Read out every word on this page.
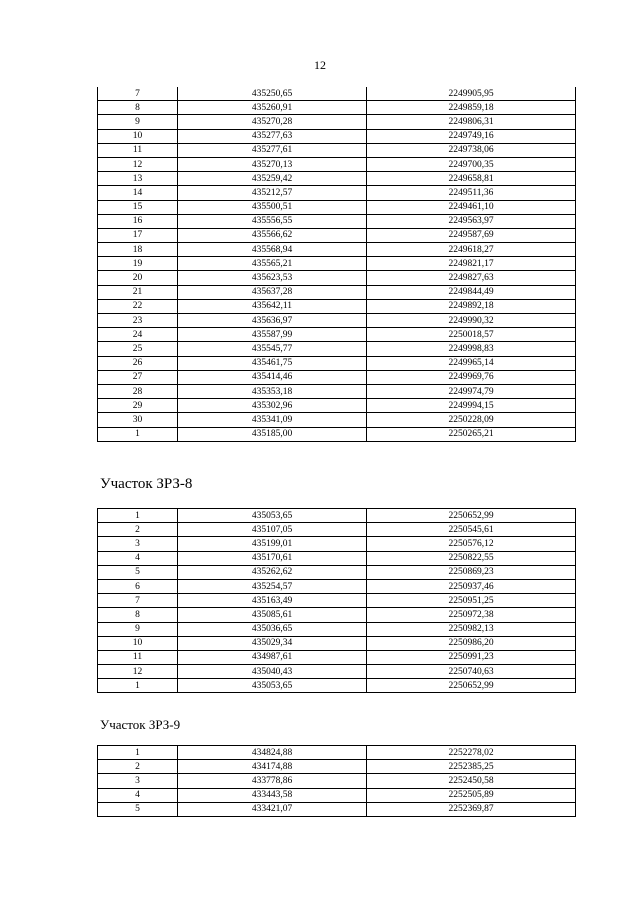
12
7	435250,65	2249905,95
8	435260,91	2249859,18
9	435270,28	2249806,31
10	435277,63	2249749,16
11	435277,61	2249738,06
12	435270,13	2249700,35
13	435259,42	2249658,81
14	435212,57	2249511,36
15	435500,51	2249461,10
16	435556,55	2249563,97
17	435566,62	2249587,69
18	435568,94	2249618,27
19	435565,21	2249821,17
20	435623,53	2249827,63
21	435637,28	2249844,49
22	435642,11	2249892,18
23	435636,97	2249990,32
24	435587,99	2250018,57
25	435545,77	2249998,83
26	435461,75	2249965,14
27	435414,46	2249969,76
28	435353,18	2249974,79
29	435302,96	2249994,15
30	435341,09	2250228,09
1	435185,00	2250265,21
Участок ЗРЗ-8
1	435053,65	2250652,99
2	435107,05	2250545,61
3	435199,01	2250576,12
4	435170,61	2250822,55
5	435262,62	2250869,23
6	435254,57	2250937,46
7	435163,49	2250951,25
8	435085,61	2250972,38
9	435036,65	2250982,13
10	435029,34	2250986,20
11	434987,61	2250991,23
12	435040,43	2250740,63
1	435053,65	2250652,99
Участок ЗРЗ-9
1	434824,88	2252278,02
2	434174,88	2252385,25
3	433778,86	2252450,58
4	433443,58	2252505,89
5	433421,07	2252369,87
